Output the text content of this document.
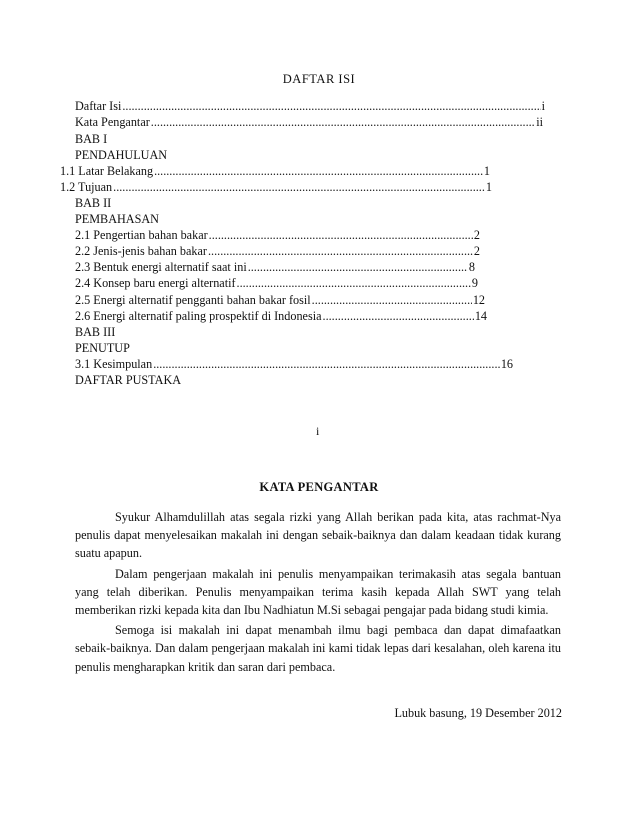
DAFTAR ISI
Daftar Isi .....	i
Kata Pengantar .....	ii
BAB I
PENDAHULUAN
1.1 Latar Belakang .....	1
1.2 Tujuan .....	1
BAB II
PEMBAHASAN
2.1 Pengertian bahan bakar .....	2
2.2 Jenis-jenis bahan bakar .....	2
2.3 Bentuk energi alternatif saat ini .....	8
2.4 Konsep baru energi alternatif .....	9
2.5 Energi alternatif pengganti bahan bakar fosil .....	12
2.6 Energi alternatif paling prospektif di Indonesia .....	14
BAB III
PENUTUP
3.1 Kesimpulan .....	16
DAFTAR PUSTAKA
i
KATA PENGANTAR

Syukur Alhamdulillah atas segala rizki yang Allah berikan pada kita, atas rachmat-Nya penulis dapat menyelesaikan makalah ini dengan sebaik-baiknya dan dalam keadaan tidak kurang suatu apapun.

Dalam pengerjaan makalah ini penulis menyampaikan terimakasih atas segala bantuan yang telah diberikan. Penulis menyampaikan terima kasih kepada Allah SWT yang telah memberikan rizki kepada kita dan Ibu Nadhiatun M.Si sebagai pengajar pada bidang studi kimia.

Semoga isi makalah ini dapat menambah ilmu bagi pembaca dan dapat dimafaatkan sebaik-baiknya. Dan dalam pengerjaan makalah ini kami tidak lepas dari kesalahan, oleh karena itu penulis mengharapkan kritik dan saran dari pembaca.

Lubuk basung, 19 Desember 2012
